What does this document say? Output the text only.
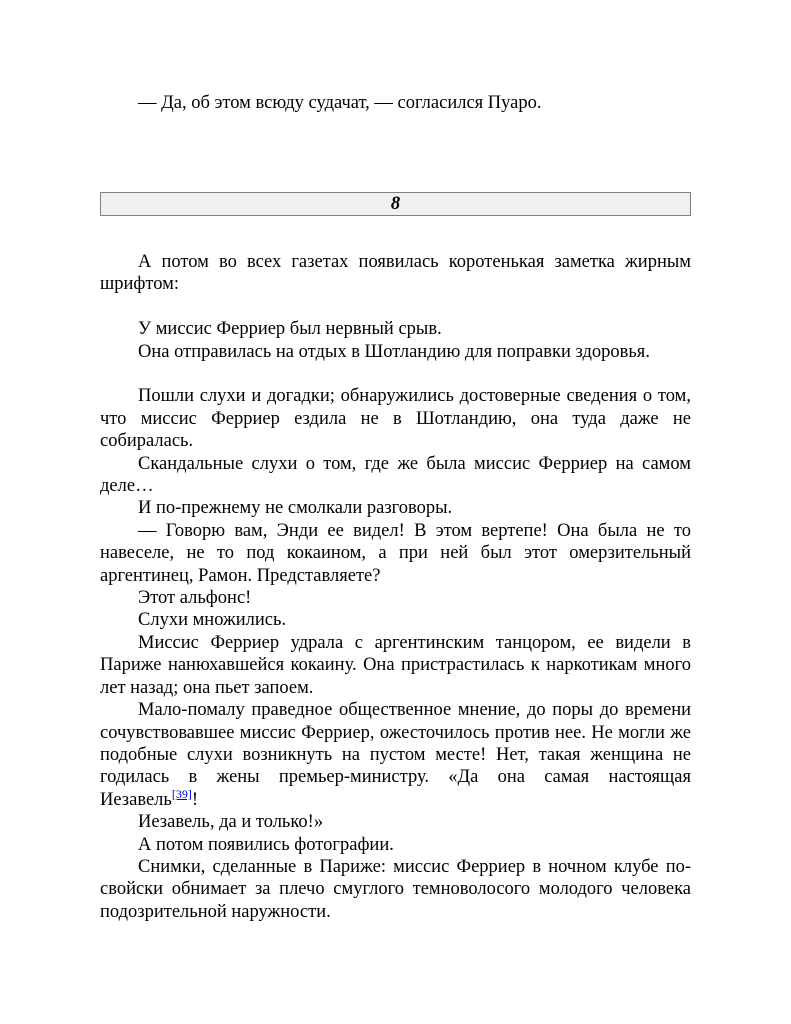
— Да, об этом всюду судачат, — согласился Пуаро.

8

А потом во всех газетах появилась коротенькая заметка жирным шрифтом:

У миссис Ферриер был нервный срыв.

Она отправилась на отдых в Шотландию для поправки здоровья.

Пошли слухи и догадки; обнаружились достоверные сведения о том, что миссис Ферриер ездила не в Шотландию, она туда даже не собиралась.

Скандальные слухи о том, где же была миссис Ферриер на самом деле…

И по-прежнему не смолкали разговоры.

— Говорю вам, Энди ее видел! В этом вертепе! Она была не то навеселе, не то под кокаином, а при ней был этот омерзительный аргентинец, Рамон. Представляете?

Этот альфонс!

Слухи множились.

Миссис Ферриер удрала с аргентинским танцором, ее видели в Париже нанюхавшейся кокаину. Она пристрастилась к наркотикам много лет назад; она пьет запоем.

Мало-помалу праведное общественное мнение, до поры до времени сочувствовавшее миссис Ферриер, ожесточилось против нее. Не могли же подобные слухи возникнуть на пустом месте! Нет, такая женщина не годилась в жены премьер-министру. «Да она самая настоящая Иезавель[39]!

Иезавель, да и только!»

А потом появились фотографии.

Снимки, сделанные в Париже: миссис Ферриер в ночном клубе по-свойски обнимает за плечо смуглого темноволосого молодого человека подозрительной наружности.
